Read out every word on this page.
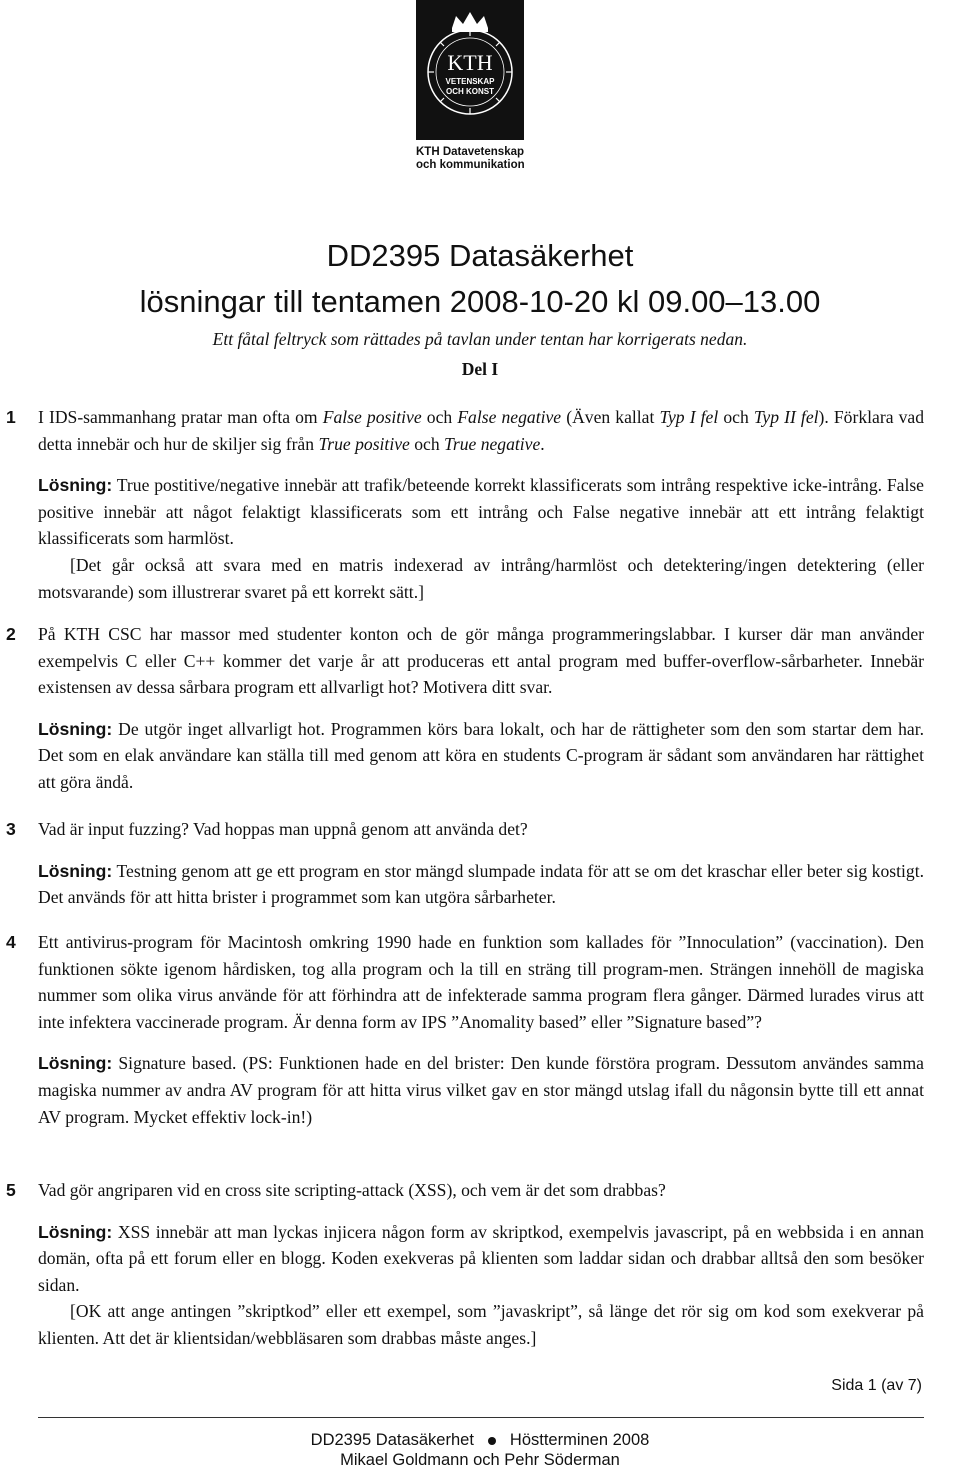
KTH
VETENSKAP
OCH KONST
KTH Datavetenskap
och kommunikation
DD2395 Datasäkerhet
lösningar till tentamen 2008-10-20 kl 09.00–13.00
Ett fåtal feltryck som rättades på tavlan under tentan har korrigerats nedan.
Del I
1 I IDS-sammanhang pratar man ofta om False positive och False negative (Även kallat Typ I fel och Typ II fel). Förklara vad detta innebär och hur de skiljer sig från True positive och True negative.

Lösning: True postitive/negative innebär att trafik/beteende korrekt klassificerats som intrång respektive icke-intrång. False positive innebär att något felaktigt klassificerats som ett intrång och False negative innebär att ett intrång felaktigt klassificerats som harmlöst.

[Det går också att svara med en matris indexerad av intrång/harmlöst och detektering/ingen detektering (eller motsvarande) som illustrerar svaret på ett korrekt sätt.]

2 På KTH CSC har massor med studenter konton och de gör många programmeringslabbar. I kurser där man använder exempelvis C eller C++ kommer det varje år att produceras ett antal program med buffer-overflow-sårbarheter. Innebär existensen av dessa sårbara program ett allvarligt hot? Motivera ditt svar.

Lösning: De utgör inget allvarligt hot. Programmen körs bara lokalt, och har de rättigheter som den som startar dem har. Det som en elak användare kan ställa till med genom att köra en students C-program är sådant som användaren har rättighet att göra ändå.

3 Vad är input fuzzing? Vad hoppas man uppnå genom att använda det?

Lösning: Testning genom att ge ett program en stor mängd slumpade indata för att se om det kraschar eller beter sig kostigt. Det används för att hitta brister i programmet som kan utgöra sårbarheter.

4 Ett antivirus-program för Macintosh omkring 1990 hade en funktion som kallades för ”Innoculation” (vaccination). Den funktionen sökte igenom hårdisken, tog alla program och la till en sträng till program-men. Strängen innehöll de magiska nummer som olika virus använde för att förhindra att de infekterade samma program flera gånger. Därmed lurades virus att inte infektera vaccinerade program. Är denna form av IPS ”Anomality based” eller ”Signature based”?

Lösning: Signature based. (PS: Funktionen hade en del brister: Den kunde förstöra program. Dessutom användes samma magiska nummer av andra AV program för att hitta virus vilket gav en stor mängd utslag ifall du någonsin bytte till ett annat AV program. Mycket effektiv lock-in!)

5 Vad gör angriparen vid en cross site scripting-attack (XSS), och vem är det som drabbas?

Lösning: XSS innebär att man lyckas injicera någon form av skriptkod, exempelvis javascript, på en webbsida i en annan domän, ofta på ett forum eller en blogg. Koden exekveras på klienten som laddar sidan och drabbar alltså den som besöker sidan.

[OK att ange antingen ”skriptkod” eller ett exempel, som ”javaskript”, så länge det rör sig om kod som exekverar på klienten. Att det är klientsidan/webbläsaren som drabbas måste anges.]

Sida 1 (av 7)
DD2395 Datasäkerhet Höstterminen 2008
Mikael Goldmann och Pehr Söderman
